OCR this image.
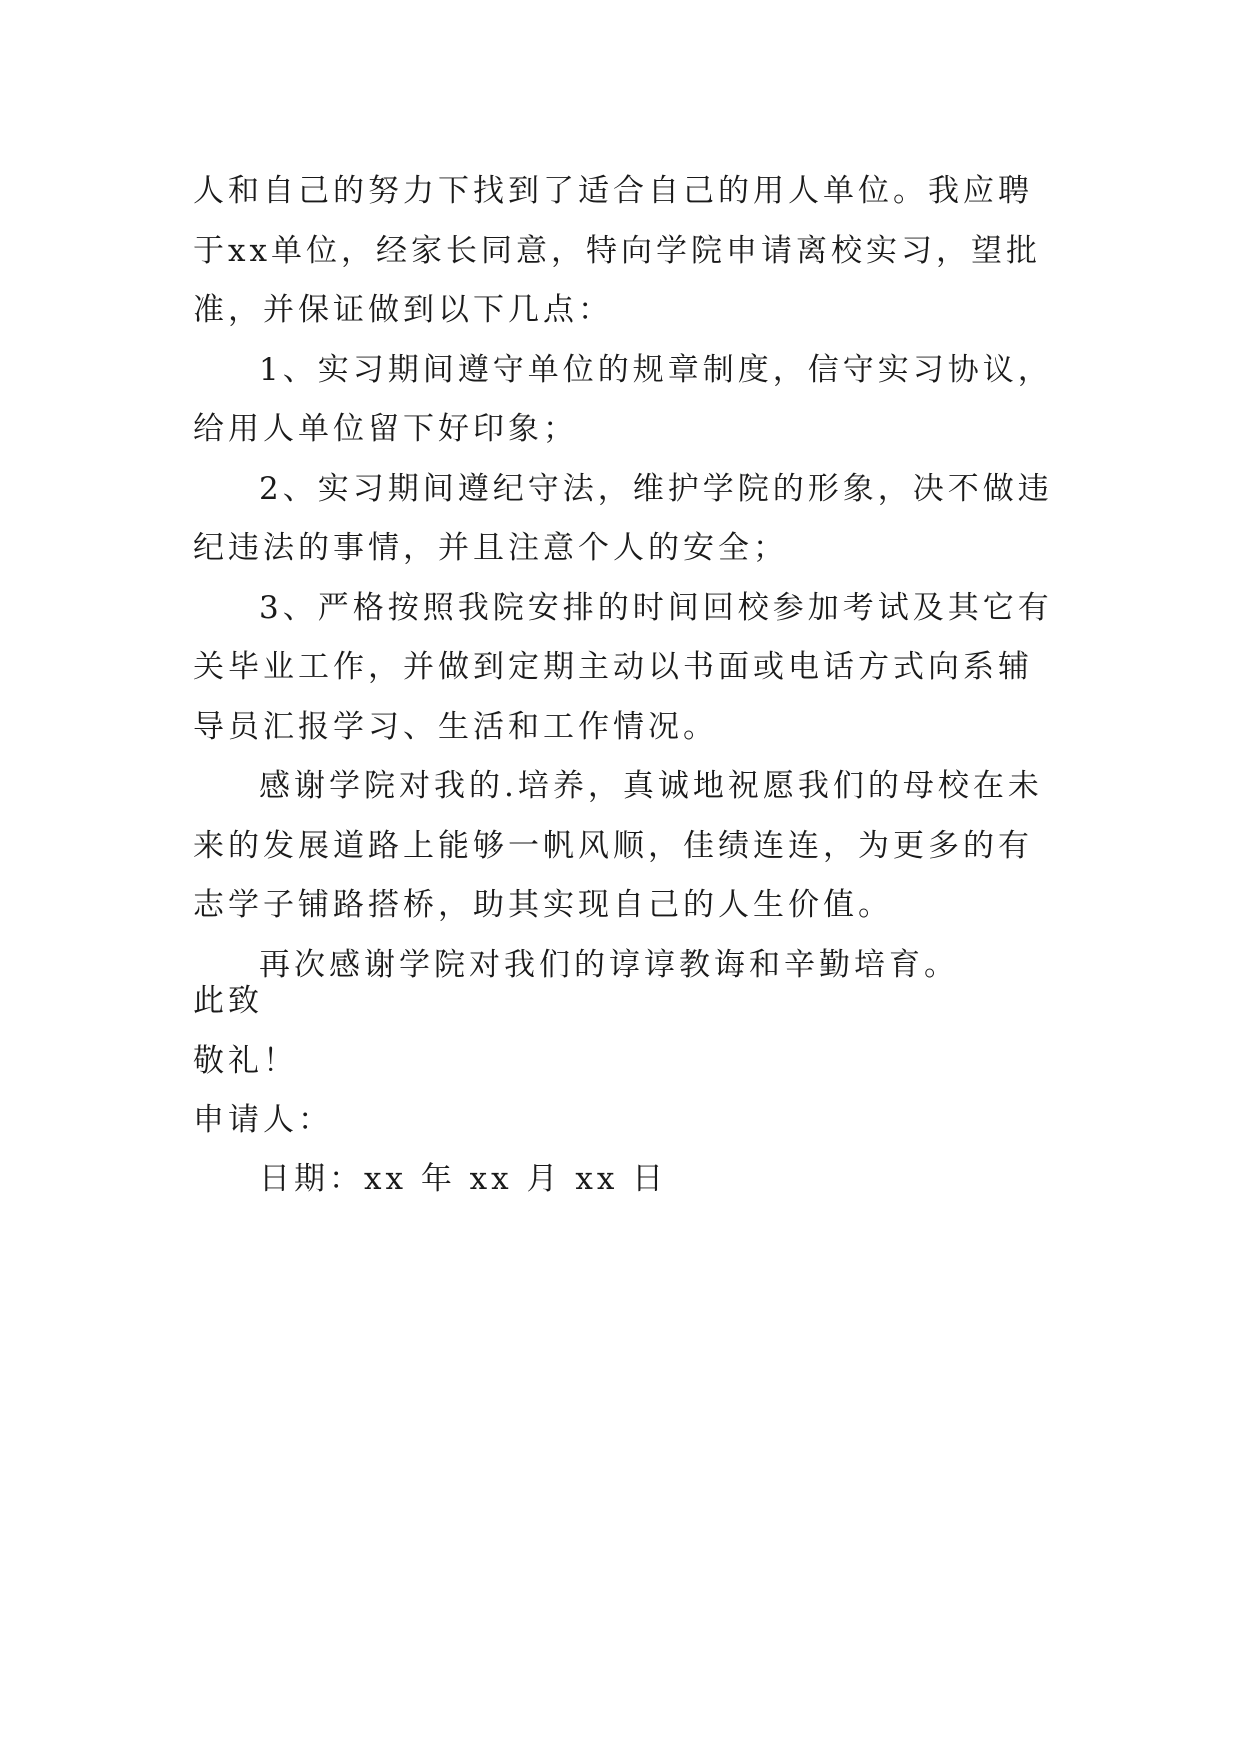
人和自己的努力下找到了适合自己的用人单位。我应聘于xx单位，经家长同意，特向学院申请离校实习，望批准，并保证做到以下几点：

1、实习期间遵守单位的规章制度，信守实习协议，给用人单位留下好印象；

2、实习期间遵纪守法，维护学院的形象，决不做违纪违法的事情，并且注意个人的安全；

3、严格按照我院安排的时间回校参加考试及其它有关毕业工作，并做到定期主动以书面或电话方式向系辅导员汇报学习、生活和工作情况。

感谢学院对我的.培养，真诚地祝愿我们的母校在未来的发展道路上能够一帆风顺，佳绩连连，为更多的有志学子铺路搭桥，助其实现自己的人生价值。

再次感谢学院对我们的谆谆教诲和辛勤培育。

此致
敬礼！
申请人：
日期：xx 年 xx 月 xx 日
